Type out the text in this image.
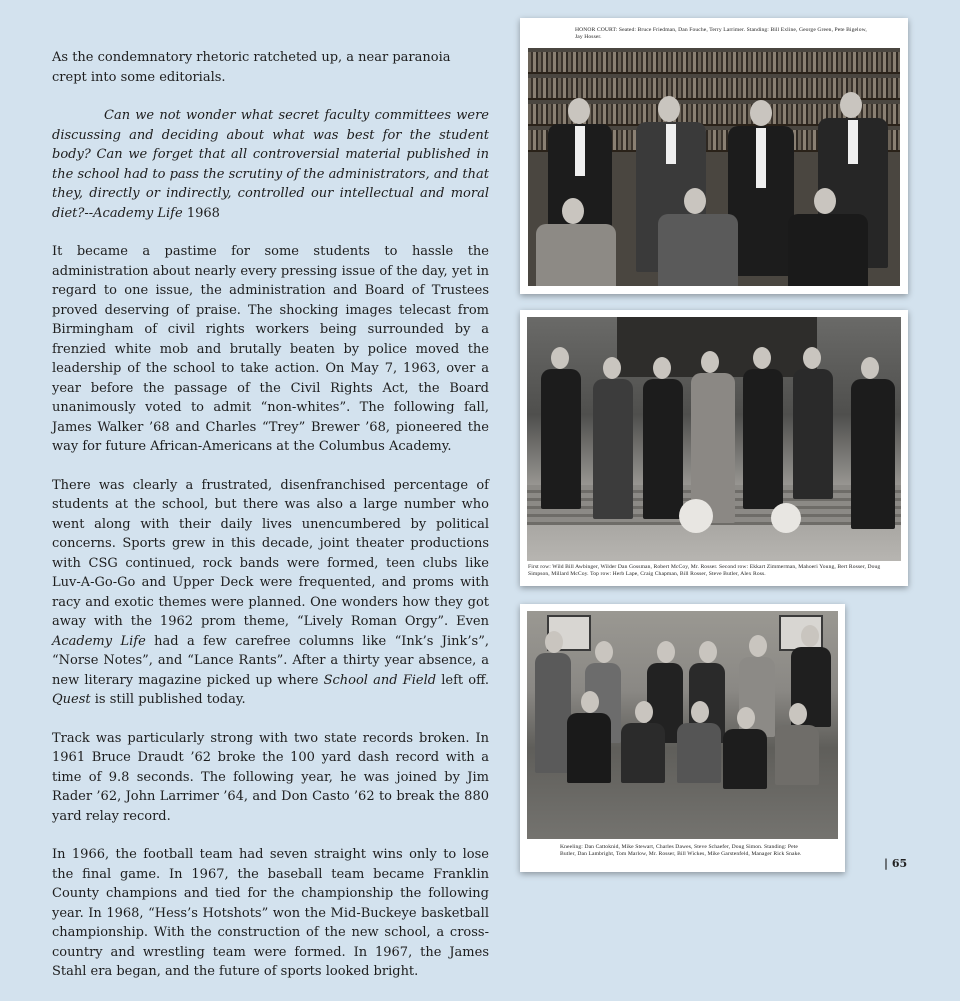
As the condemnatory rhetoric ratcheted up, a near paranoia crept into some editorials.

Can we not wonder what secret faculty committees were discussing and deciding about what was best for the student body? Can we forget that all controversial material published in the school had to pass the scrutiny of the administrators, and that they, directly or indirectly, controlled our intellectual and moral diet?--Academy Life 1968

It became a pastime for some students to hassle the administration about nearly every pressing issue of the day, yet in regard to one issue, the administration and Board of Trustees proved deserving of praise. The shocking images telecast from Birmingham of civil rights workers being surrounded by a frenzied white mob and brutally beaten by police moved the leadership of the school to take action. On May 7, 1963, over a year before the passage of the Civil Rights Act, the Board unanimously voted to admit “non-whites”. The following fall, James Walker ’68 and Charles “Trey” Brewer ’68, pioneered the way for future African-Americans at the Columbus Academy.

There was clearly a frustrated, disenfranchised percentage of students at the school, but there was also a large number who went along with their daily lives unencumbered by political concerns. Sports grew in this decade, joint theater productions with CSG continued, rock bands were formed, teen clubs like Luv-A-Go-Go and Upper Deck were frequented, and proms with racy and exotic themes were planned. One wonders how they got away with the 1962 prom theme, “Lively Roman Orgy”. Even Academy Life had a few carefree columns like “Ink’s Jink’s”, “Norse Notes”, and “Lance Rants”. After a thirty year absence, a new literary magazine picked up where School and Field left off. Quest is still published today.

Track was particularly strong with two state records broken. In 1961 Bruce Draudt ’62 broke the 100 yard dash record with a time of 9.8 seconds. The following year, he was joined by Jim Rader ’62, John Larrimer ’64, and Don Casto ’62 to break the 880 yard relay record.

In 1966, the football team had seven straight wins only to lose the final game. In 1967, the baseball team became Franklin County champions and tied for the championship the following year. In 1968, “Hess’s Hotshots” won the Mid-Buckeye basketball championship. With the construction of the new school, a cross-country and wrestling team were formed. In 1967, the James Stahl era began, and the future of sports looked bright.

HONOR COURT: Seated: Bruce Friedman, Dan Fouche, Terry Larrimer. Standing: Bill Exline, George Green, Pete Bigelow, Jay Hosser.
First row: Wild Bill Awbinger, Wilder Dan Gossman, Robert McCoy, Mr. Rosser. Second row: Ekkart Zimmerman, Mahoeri Young, Bert Rosser, Doug Simpson, Millard McCoy. Top row: Herb Lape, Craig Chapman, Bill Rosser, Steve Butler, Alex Ross.
Kneeling: Dan Cattoknid, Mike Stewart, Charles Dawes, Steve Schaefer, Doug Simon. Standing: Pete Butler, Dan Lambright, Tom Marlow, Mr. Rosser, Bill Wickes, Mike Garstenfeld, Manager Rick Snake.
| 65
